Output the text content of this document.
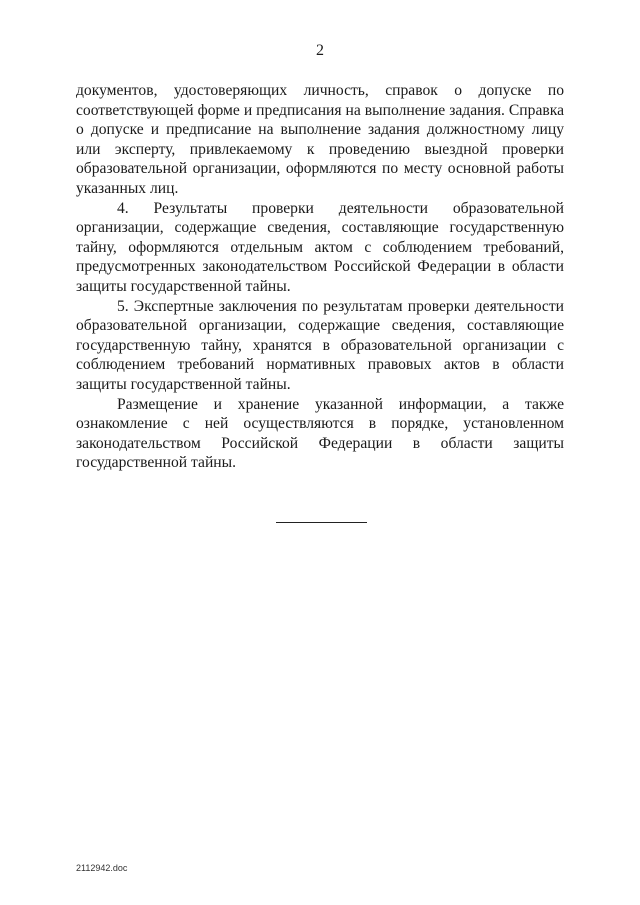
2

документов, удостоверяющих личность, справок о допуске по соответствующей форме и предписания на выполнение задания. Справка о допуске и предписание на выполнение задания должностному лицу или эксперту, привлекаемому к проведению выездной проверки образовательной организации, оформляются по месту основной работы указанных лиц.

4. Результаты проверки деятельности образовательной организации, содержащие сведения, составляющие государственную тайну, оформляются отдельным актом с соблюдением требований, предусмотренных законодательством Российской Федерации в области защиты государственной тайны.

5. Экспертные заключения по результатам проверки деятельности образовательной организации, содержащие сведения, составляющие государственную тайну, хранятся в образовательной организации с соблюдением требований нормативных правовых актов в области защиты государственной тайны.

Размещение и хранение указанной информации, а также ознакомление с ней осуществляются в порядке, установленном законодательством Российской Федерации в области защиты государственной тайны.

2112942.doc
